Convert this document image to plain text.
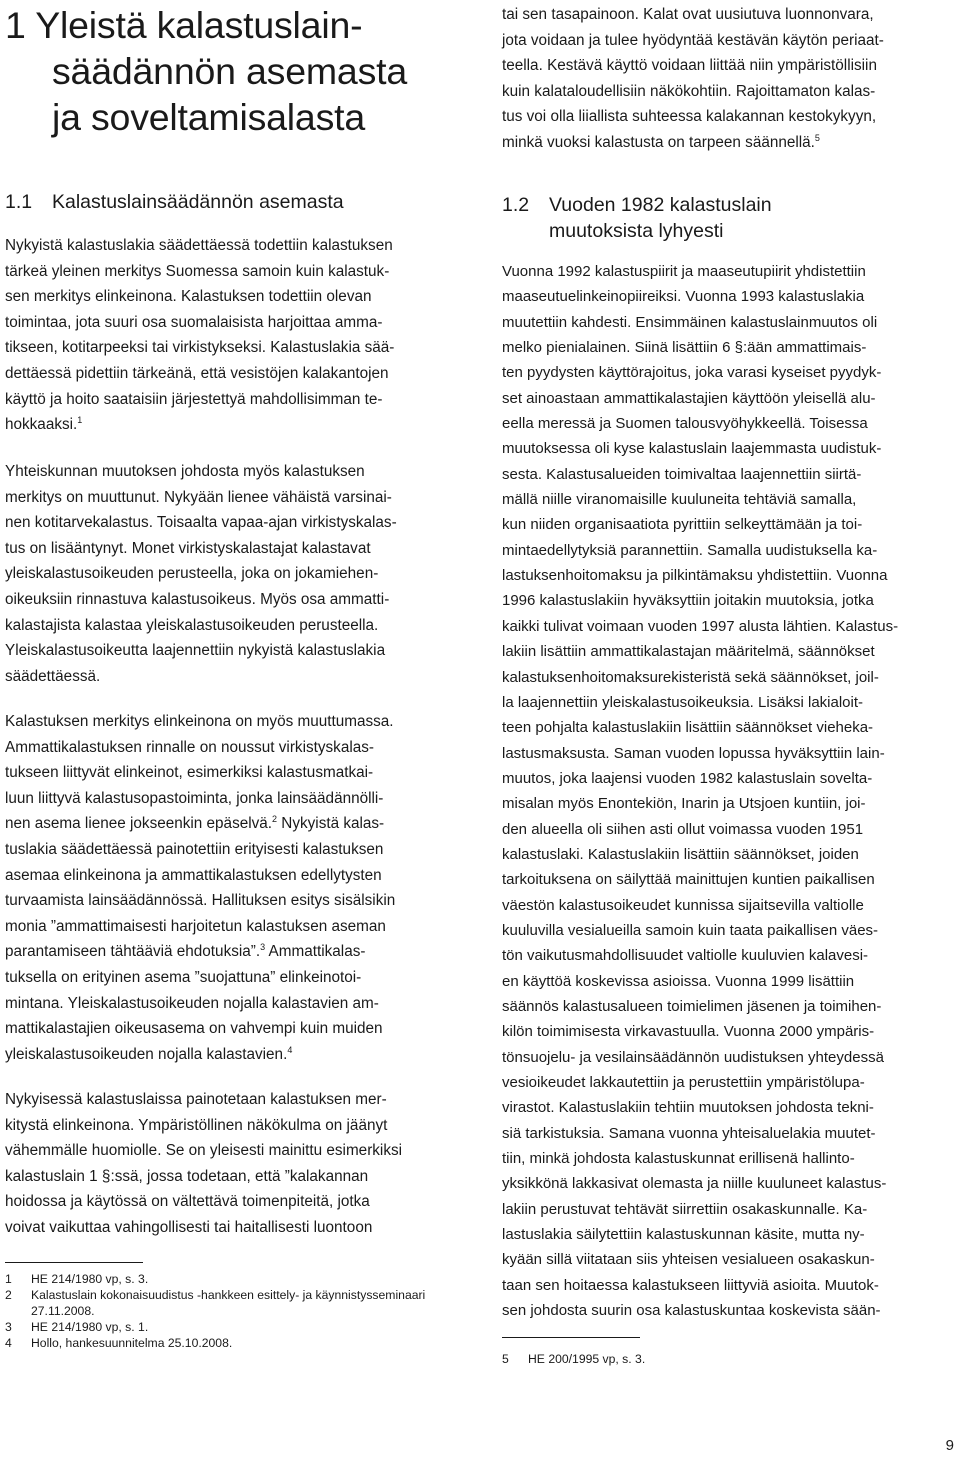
1 Yleistä kalastuslain-
säädännön asemasta
ja soveltamisalasta

tai sen tasapainoon. Kalat ovat uusiutuva luonnonvara,
jota voidaan ja tulee hyödyntää kestävän käytön periaat-
teella. Kestävä käyttö voidaan liittää niin ympäristöllisiin
kuin kalataloudellisiin näkökohtiin. Rajoittamaton kalas-
tus voi olla liiallista suhteessa kalakannan kestokykyyn,
minkä vuoksi kalastusta on tarpeen säännellä.$^5$

1.1 Kalastuslainsäädännön asemasta

Nykyistä kalastuslakia säädettäessä todettiin kalastuksen
tärkeä yleinen merkitys Suomessa samoin kuin kalastuk-
sen merkitys elinkeinona. Kalastuksen todettiin olevan
toimintaa, jota suuri osa suomalaisista harjoittaa amma-
tikseen, kotitarpeeksi tai virkistykseksi. Kalastuslakia sää-
dettäessä pidettiin tärkeänä, että vesistöjen kalakantojen
käyttö ja hoito saataisiin järjestettyä mahdollisimman te-
hokkaaksi.$^1$

Yhteiskunnan muutoksen johdosta myös kalastuksen
merkitys on muuttunut. Nykyään lienee vähäistä varsinai-
nen kotitarvekalastus. Toisaalta vapaa-ajan virkistyskalas-
tus on lisääntynyt. Monet virkistyskalastajat kalastavat
yleiskalastusoikeuden perusteella, joka on jokamiehen-
oikeuksiin rinnastuva kalastusoikeus. Myös osa ammatti-
kalastajista kalastaa yleiskalastusoikeuden perusteella.
Yleiskalastusoikeutta laajennettiin nykyistä kalastuslakia
säädettäessä.

Kalastuksen merkitys elinkeinona on myös muuttumassa.
Ammattikalastuksen rinnalle on noussut virkistyskalas-
tukseen liittyvät elinkeinot, esimerkiksi kalastusmatkai-
luun liittyvä kalastusopastoiminta, jonka lainsäädännölli-
nen asema lienee jokseenkin epäselvä.$^2$ Nykyistä kalas-
tuslakia säädettäessä painotettiin erityisesti kalastuksen
asemaa elinkeinona ja ammattikalastuksen edellytysten
turvaamista lainsäädännössä. Hallituksen esitys sisälsikin
monia ”ammattimaisesti harjoitetun kalastuksen aseman
parantamiseen tähtääviä ehdotuksia”.$^3$ Ammattikalas-
tuksella on erityinen asema ”suojattuna” elinkeinotoi-
mintana. Yleiskalastusoikeuden nojalla kalastavien am-
mattikalastajien oikeusasema on vahvempi kuin muiden
yleiskalastusoikeuden nojalla kalastavien.$^4$

Nykyisessä kalastuslaissa painotetaan kalastuksen mer-
kitystä elinkeinona. Ympäristöllinen näkökulma on jäänyt
vähemmälle huomiolle. Se on yleisesti mainittu esimerkiksi
kalastuslain 1 §:ssä, jossa todetaan, että ”kalakannan
hoidossa ja käytössä on vältettävä toimenpiteitä, jotka
voivat vaikuttaa vahingollisesti tai haitallisesti luontoon

1	HE 214/1980 vp, s. 3.
2	Kalastuslain kokonaisuudistus -hankkeen esittely- ja käynnistysseminaari 27.11.2008.
3	HE 214/1980 vp, s. 1.
4	Hollo, hankesuunnitelma 25.10.2008.
1.2 Vuoden 1982 kalastuslain
muutoksista lyhyesti

Vuonna 1992 kalastuspiirit ja maaseutupiirit yhdistettiin
maaseutuelinkeinopiireiksi. Vuonna 1993 kalastuslakia
muutettiin kahdesti. Ensimmäinen kalastuslainmuutos oli
melko pienialainen. Siinä lisättiin 6 §:ään ammattimais-
ten pyydysten käyttörajoitus, joka varasi kyseiset pyydyk-
set ainoastaan ammattikalastajien käyttöön yleisellä alu-
eella meressä ja Suomen talousvyöhykkeellä. Toisessa
muutoksessa oli kyse kalastuslain laajemmasta uudistuk-
sesta. Kalastusalueiden toimivaltaa laajennettiin siirtä-
mällä niille viranomaisille kuuluneita tehtäviä samalla,
kun niiden organisaatiota pyrittiin selkeyttämään ja toi-
mintaedellytyksiä parannettiin. Samalla uudistuksella ka-
lastuksenhoitomaksu ja pilkintämaksu yhdistettiin. Vuonna
1996 kalastuslakiin hyväksyttiin joitakin muutoksia, jotka
kaikki tulivat voimaan vuoden 1997 alusta lähtien. Kalastus-
lakiin lisättiin ammattikalastajan määritelmä, säännökset
kalastuksenhoitomaksurekisteristä sekä säännökset, joil-
la laajennettiin yleiskalastusoikeuksia. Lisäksi lakialoit-
teen pohjalta kalastuslakiin lisättiin säännökset vieheka-
lastusmaksusta. Saman vuoden lopussa hyväksyttiin lain-
muutos, joka laajensi vuoden 1982 kalastuslain sovelta-
misalan myös Enontekiön, Inarin ja Utsjoen kuntiin, joi-
den alueella oli siihen asti ollut voimassa vuoden 1951
kalastuslaki. Kalastuslakiin lisättiin säännökset, joiden
tarkoituksena on säilyttää mainittujen kuntien paikallisen
väestön kalastusoikeudet kunnissa sijaitsevilla valtiolle
kuuluvilla vesialueilla samoin kuin taata paikallisen väes-
tön vaikutusmahdollisuudet valtiolle kuuluvien kalavesi-
en käyttöä koskevissa asioissa. Vuonna 1999 lisättiin
säännös kalastusalueen toimielimen jäsenen ja toimihen-
kilön toimimisesta virkavastuulla. Vuonna 2000 ympäris-
tönsuojelu- ja vesilainsäädännön uudistuksen yhteydessä
vesioikeudet lakkautettiin ja perustettiin ympäristölupa-
virastot. Kalastuslakiin tehtiin muutoksen johdosta tekni-
siä tarkistuksia. Samana vuonna yhteisaluelakia muutet-
tiin, minkä johdosta kalastuskunnat erillisenä hallinto-
yksikkönä lakkasivat olemasta ja niille kuuluneet kalastus-
lakiin perustuvat tehtävät siirrettiin osakaskunnalle. Ka-
lastuslakia säilytettiin kalastuskunnan käsite, mutta ny-
kyään sillä viitataan siis yhteisen vesialueen osakaskun-
taan sen hoitaessa kalastukseen liittyviä asioita. Muutok-
sen johdosta suurin osa kalastuskuntaa koskevista sään-

5	HE 200/1995 vp, s. 3.
9
